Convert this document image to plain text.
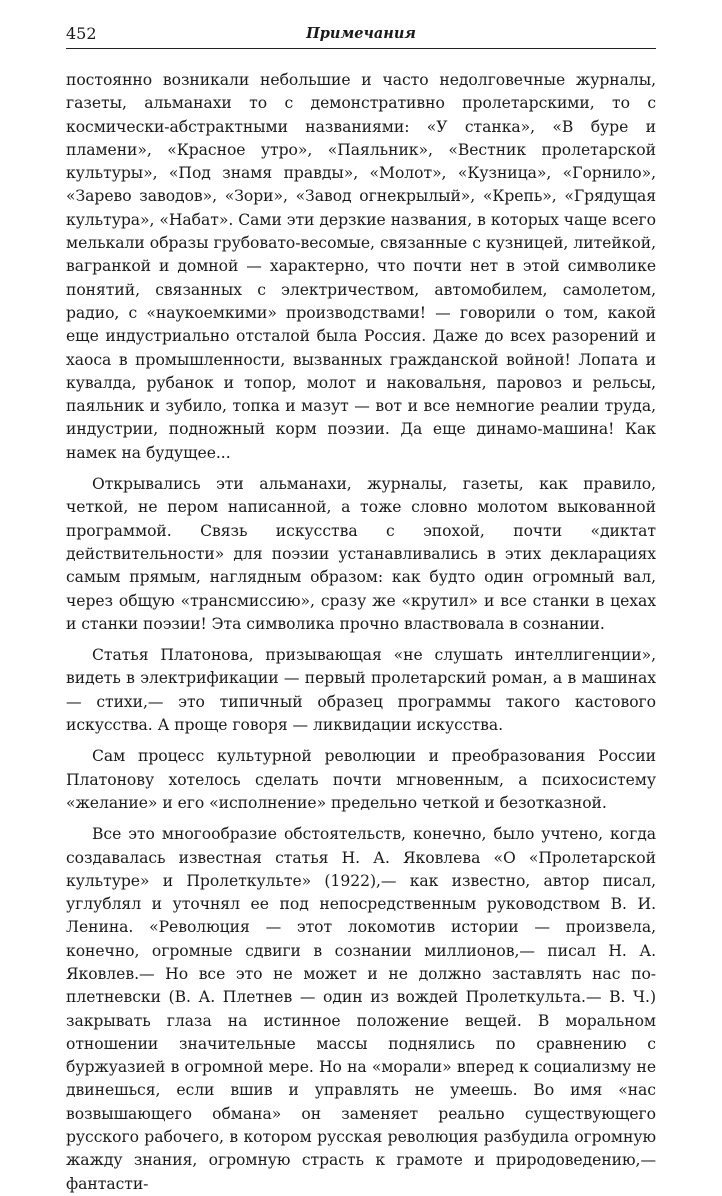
452	Примечания

постоянно возникали небольшие и часто недолговечные журналы, газеты, альманахи то с демонстративно пролетарскими, то с космически-абстрактными названиями: «У станка», «В буре и пламени», «Красное утро», «Паяльник», «Вестник пролетарской культуры», «Под знамя правды», «Молот», «Кузница», «Горнило», «Зарево заводов», «Зори», «Завод огнекрылый», «Крепь», «Грядущая культура», «Набат». Сами эти дерзкие названия, в которых чаще всего мелькали образы грубовато-весомые, связанные с кузницей, литейкой, вагранкой и домной — характерно, что почти нет в этой символике понятий, связанных с электричеством, автомобилем, самолетом, радио, с «наукоемкими» производствами! — говорили о том, какой еще индустриально отсталой была Россия. Даже до всех разорений и хаоса в промышленности, вызванных гражданской войной! Лопата и кувалда, рубанок и топор, молот и наковальня, паровоз и рельсы, паяльник и зубило, топка и мазут — вот и все немногие реалии труда, индустрии, подножный корм поэзии. Да еще динамо-машина! Как намек на будущее...

Открывались эти альманахи, журналы, газеты, как правило, четкой, не пером написанной, а тоже словно молотом выкованной программой. Связь искусства с эпохой, почти «диктат действительности» для поэзии устанавливались в этих декларациях самым прямым, наглядным образом: как будто один огромный вал, через общую «трансмиссию», сразу же «крутил» и все станки в цехах и станки поэзии! Эта символика прочно властвовала в сознании.

Статья Платонова, призывающая «не слушать интеллигенции», видеть в электрификации — первый пролетарский роман, а в машинах — стихи,— это типичный образец программы такого кастового искусства. А проще говоря — ликвидации искусства.

Сам процесс культурной революции и преобразования России Платонову хотелось сделать почти мгновенным, а психосистему «желание» и его «исполнение» предельно четкой и безотказной.

Все это многообразие обстоятельств, конечно, было учтено, когда создавалась известная статья Н. А. Яковлева «О «Пролетарской культуре» и Пролеткульте» (1922),— как известно, автор писал, углублял и уточнял ее под непосредственным руководством В. И. Ленина. «Революция — этот локомотив истории — произвела, конечно, огромные сдвиги в сознании миллионов,— писал Н. А. Яковлев.— Но все это не может и не должно заставлять нас по-плетневски (В. А. Плетнев — один из вождей Пролеткульта.— В. Ч.) закрывать глаза на истинное положение вещей. В моральном отношении значительные массы поднялись по сравнению с буржуазией в огромной мере. Но на «морали» вперед к социализму не двинешься, если вшив и управлять не умеешь. Во имя «нас возвышающего обмана» он заменяет реально существующего русского рабочего, в котором русская революция разбудила огромную жажду знания, огромную страсть к грамоте и природоведению,— фантасти-
